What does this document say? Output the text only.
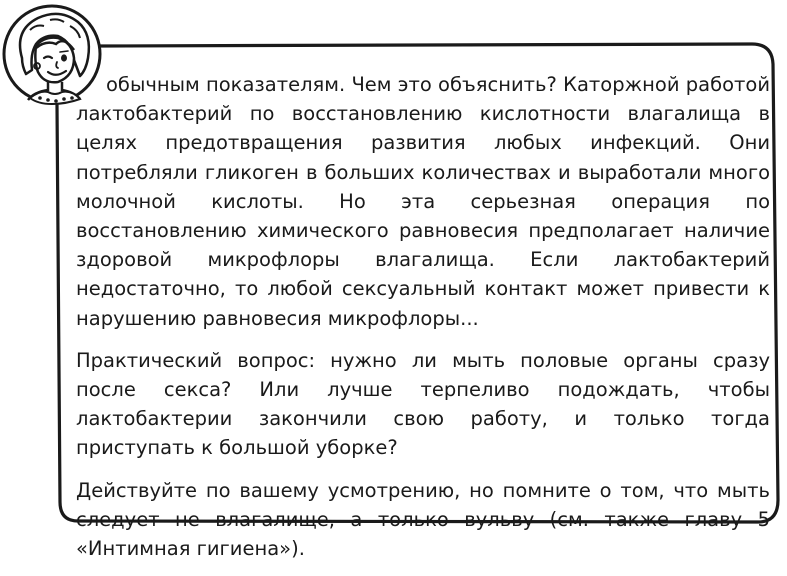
обычным показателям. Чем это объяснить? Каторжной работой лактобактерий по восстановлению кислотности влагалища в целях предотвращения развития любых инфекций. Они потребляли гликоген в больших количествах и выработали много молочной кислоты. Но эта серьезная операция по восстановлению химического равновесия предполагает наличие здоровой микрофлоры влагалища. Если лактобактерий недостаточно, то любой сексуальный контакт может привести к нарушению равновесия микрофлоры...

Практический вопрос: нужно ли мыть половые органы сразу после секса? Или лучше терпеливо подождать, чтобы лактобактерии закончили свою работу, и только тогда приступать к большой уборке?

Действуйте по вашему усмотрению, но помните о том, что мыть следует не влагалище, а только вульву (см. также главу 5 «Интимная гигиена»).
